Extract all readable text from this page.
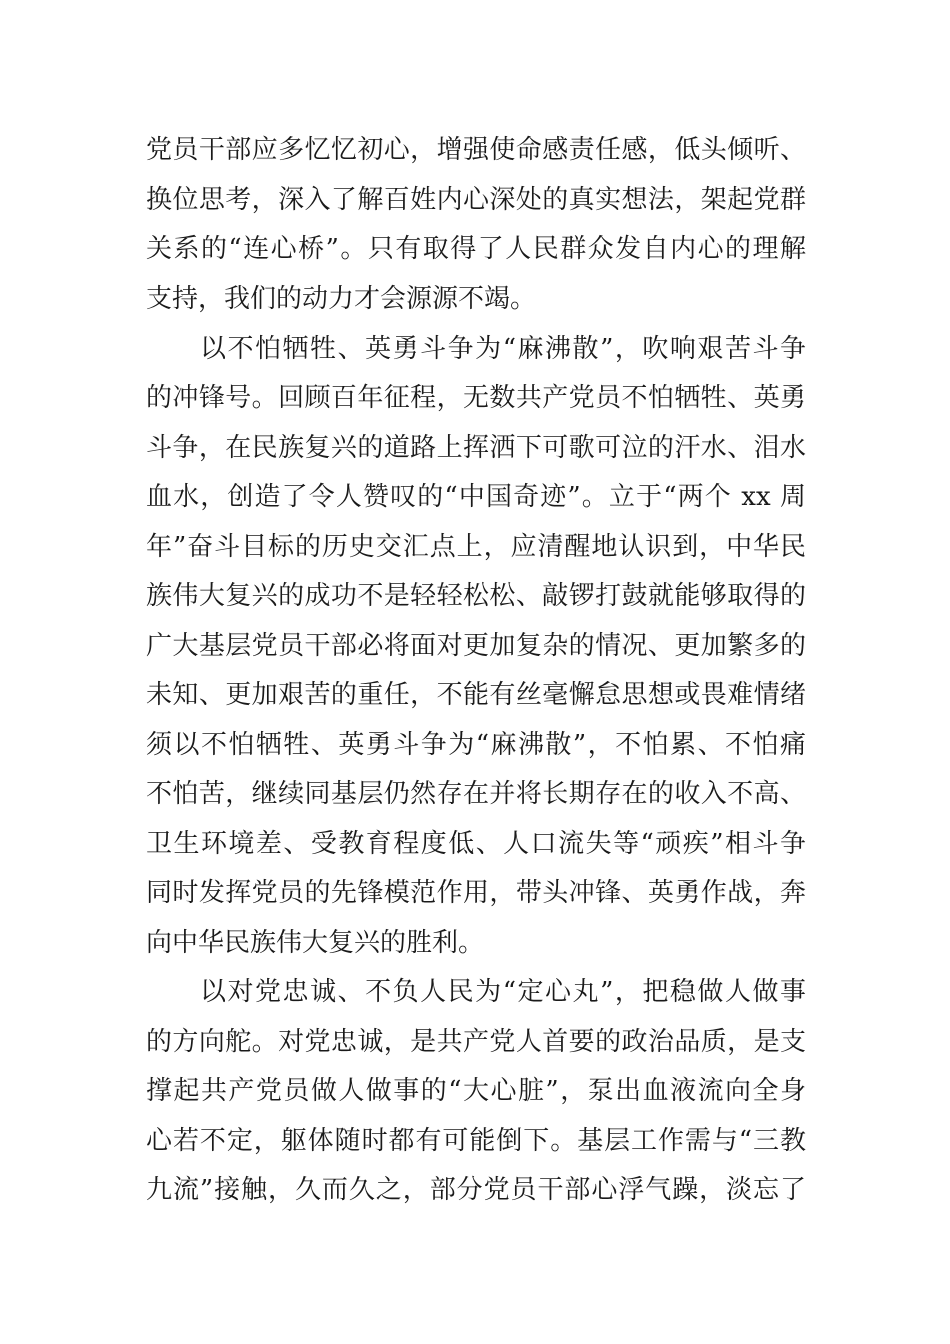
党员干部应多忆忆初心，增强使命感责任感，低头倾听、
换位思考，深入了解百姓内心深处的真实想法，架起党群
关系的“连心桥”。只有取得了人民群众发自内心的理解
支持，我们的动力才会源源不竭。
以不怕牺牲、英勇斗争为“麻沸散”，吹响艰苦斗争
的冲锋号。回顾百年征程，无数共产党员不怕牺牲、英勇
斗争，在民族复兴的道路上挥洒下可歌可泣的汗水、泪水
血水，创造了令人赞叹的“中国奇迹”。立于“两个 xx 周
年”奋斗目标的历史交汇点上，应清醒地认识到，中华民
族伟大复兴的成功不是轻轻松松、敲锣打鼓就能够取得的
广大基层党员干部必将面对更加复杂的情况、更加繁多的
未知、更加艰苦的重任，不能有丝毫懈怠思想或畏难情绪
须以不怕牺牲、英勇斗争为“麻沸散”，不怕累、不怕痛
不怕苦，继续同基层仍然存在并将长期存在的收入不高、
卫生环境差、受教育程度低、人口流失等“顽疾”相斗争
同时发挥党员的先锋模范作用，带头冲锋、英勇作战，奔
向中华民族伟大复兴的胜利。
以对党忠诚、不负人民为“定心丸”，把稳做人做事
的方向舵。对党忠诚，是共产党人首要的政治品质，是支
撑起共产党员做人做事的“大心脏”，泵出血液流向全身
心若不定，躯体随时都有可能倒下。基层工作需与“三教
九流”接触，久而久之，部分党员干部心浮气躁，淡忘了
